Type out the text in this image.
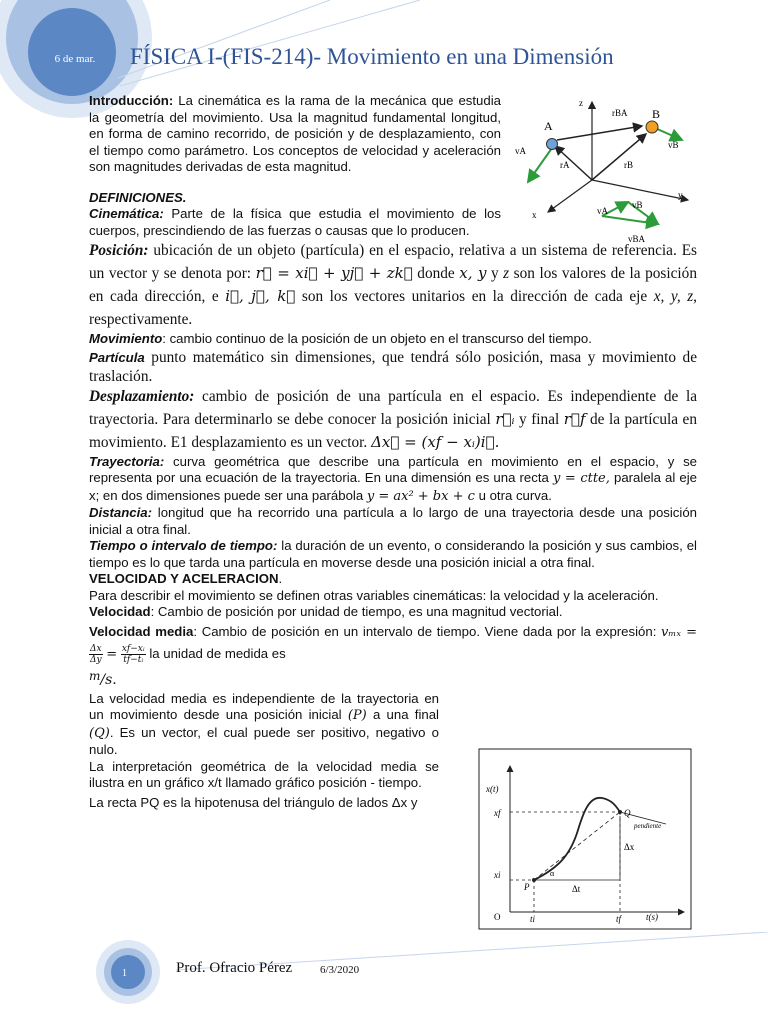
6 de mar.	FÍSICA I-(FIS-214)- Movimiento en una Dimensión
z
y
x
A
B
rBA
rA	rB
vA
vB
vA
vB
vBA
x(t)
xf
xi
O	ti	tf	t(s)
P
Q
pendiente
Δx
Δt
α

Introducción: La cinemática es la rama de la mecánica que estudia la geometría del movimiento. Usa la magnitud fundamental longitud, en forma de camino recorrido, de posición y de desplazamiento, con el tiempo como parámetro. Los conceptos de velocidad y aceleración son magnitudes derivadas de esta magnitud.

DEFINICIONES.

Cinemática: Parte de la física que estudia el movimiento de los cuerpos, prescindiendo de las fuerzas o causas que lo producen.

Posición: ubicación de un objeto (partícula) en el espacio, relativa a un sistema de referencia. Es un vector y se denota por: r⃗ = xi⃗ + yj⃗ + zk⃗ donde x, y y z son los valores de la posición en cada dirección, e i⃗, j⃗, k⃗ son los vectores unitarios en la dirección de cada eje x, y, z, respectivamente.

Movimiento: cambio continuo de la posición de un objeto en el transcurso del tiempo.

Partícula punto matemático sin dimensiones, que tendrá sólo posición, masa y movimiento de traslación.

Desplazamiento: cambio de posición de una partícula en el espacio. Es independiente de la trayectoria. Para determinarlo se debe conocer la posición inicial r⃗ᵢ y final r⃗f de la partícula en movimiento. E1 desplazamiento es un vector. Δx⃗ = (xf − xᵢ)i⃗.

Trayectoria: curva geométrica que describe una partícula en movimiento en el espacio, y se representa por una ecuación de la trayectoria. En una dimensión es una recta y = ctte, paralela al eje x; en dos dimensiones puede ser una parábola y = ax² + bx + c u otra curva.

Distancia: longitud que ha recorrido una partícula a lo largo de una trayectoria desde una posición inicial a otra final.

Tiempo o intervalo de tiempo: la duración de un evento, o considerando la posición y sus cambios, el tiempo es lo que tarda una partícula en moverse desde una posición inicial a otra final.

VELOCIDAD Y ACELERACION.

Para describir el movimiento se definen otras variables cinemáticas: la velocidad y la aceleración.

Velocidad: Cambio de posición por unidad de tiempo, es una magnitud vectorial.

Velocidad media: Cambio de posición en un intervalo de tiempo. Viene dada por la expresión: vₘₓ =
$\frac{\Delta x}{\Delta y} = \frac{\text{xf−xᵢ}}{\text{tf−tᵢ}}$ la unidad de medida es

m/s.

La velocidad media es independiente de la trayectoria en un movimiento desde una posición inicial (P) a una final (Q). Es un vector, el cual puede ser positivo, negativo o nulo.

La interpretación geométrica de la velocidad media se ilustra en un gráfico x/t llamado gráfico posición - tiempo.

La recta PQ es la hipotenusa del triángulo de lados Δx y

1	Prof. Ofracio Pérez	6/3/2020
